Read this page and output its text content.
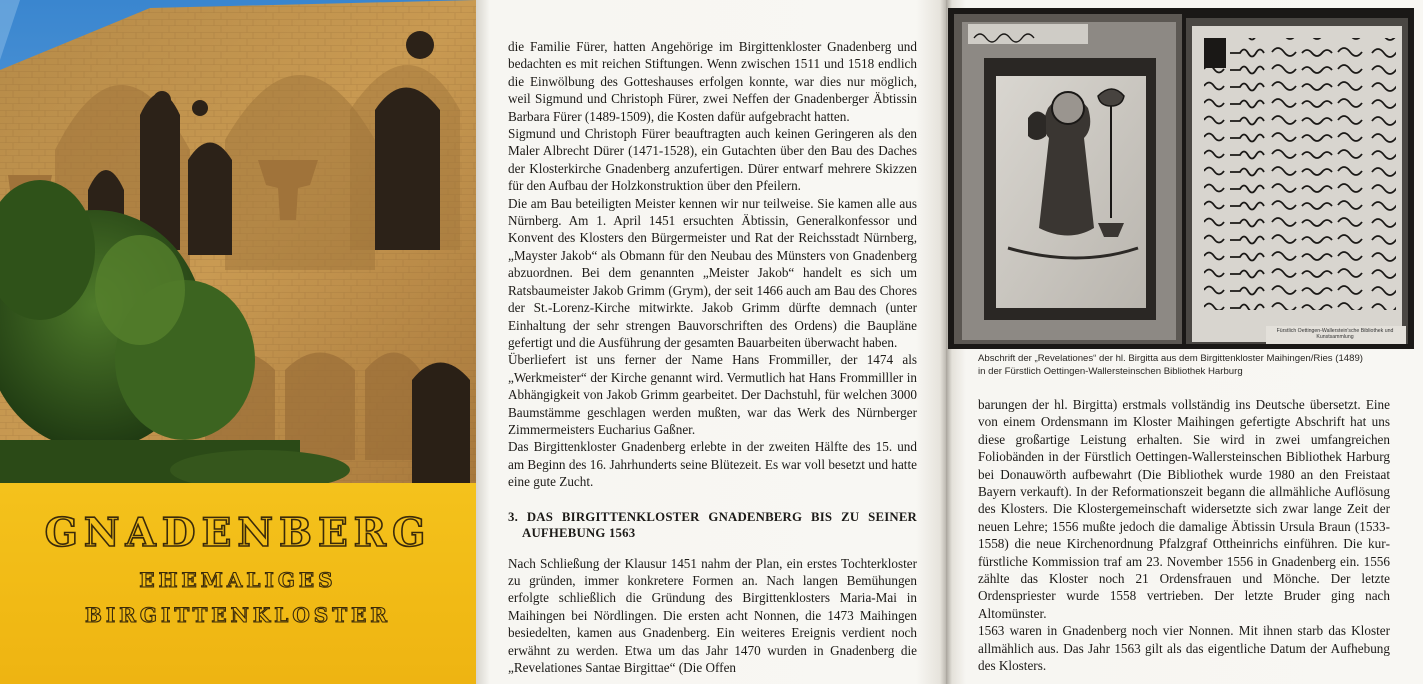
GNADENBERG
EHEMALIGES
BIRGITTENKLOSTER

die Familie Fürer, hatten Angehörige im Birgittenkloster Gnadenberg und bedachten es mit reichen Stiftungen. Wenn zwischen 1511 und 1518 endlich die Einwölbung des Gotteshauses erfolgen konnte, war dies nur möglich, weil Sigmund und Christoph Fürer, zwei Neffen der Gnadenberger Äbtissin Barbara Fürer (1489-1509), die Kosten dafür aufgebracht hatten.

Sigmund und Christoph Fürer beauftragten auch keinen Geringeren als den Maler Albrecht Dürer (1471-1528), ein Gutachten über den Bau des Daches der Klosterkirche Gnadenberg anzufertigen. Dürer entwarf mehrere Skizzen für den Aufbau der Holzkonstruktion über den Pfeilern.

Die am Bau beteiligten Meister kennen wir nur teilweise. Sie kamen alle aus Nürnberg. Am 1. April 1451 ersuchten Äbtissin, Generalkonfessor und Konvent des Klosters den Bürgermeister und Rat der Reichsstadt Nürnberg, „Mayster Jakob“ als Obmann für den Neubau des Münsters von Gnadenberg abzuordnen. Bei dem genannten „Meister Jakob“ handelt es sich um Ratsbaumeister Jakob Grimm (Grym), der seit 1466 auch am Bau des Chores der St.-Lorenz-Kirche mitwirkte. Jakob Grimm dürfte demnach (unter Einhaltung der sehr strengen Bauvorschriften des Ordens) die Baupläne gefertigt und die Ausführung der gesamten Bauarbeiten überwacht haben.

Überliefert ist uns ferner der Name Hans Frommiller, der 1474 als „Werkmeister“ der Kirche genannt wird. Vermutlich hat Hans Frommilller in Abhängigkeit von Jakob Grimm gearbeitet. Der Dachstuhl, für welchen 3000 Baumstämme geschlagen werden mußten, war das Werk des Nürnberger Zimmermeisters Eucharius Gaßner.

Das Birgittenkloster Gnadenberg erlebte in der zweiten Hälfte des 15. und am Beginn des 16. Jahrhunderts seine Blütezeit. Es war voll besetzt und hatte eine gute Zucht.

3. DAS BIRGITTENKLOSTER GNADENBERG BIS ZU SEINER AUFHEBUNG 1563

Nach Schließung der Klausur 1451 nahm der Plan, ein erstes Tochterkloster zu gründen, immer konkretere Formen an. Nach langen Bemühungen erfolgte schließlich die Gründung des Birgittenklosters Maria-Mai in Maihingen bei Nördlingen. Die ersten acht Nonnen, die 1473 Maihingen besiedelten, kamen aus Gnadenberg. Ein weiteres Ereignis verdient noch erwähnt zu werden. Etwa um das Jahr 1470 wurden in Gnadenberg die „Revelationes Santae Birgittae“ (Die Offen

Fürstlich Oettingen-Wallerstein'sche Bibliothek und Kunstsammlung
Abschrift der „Revelationes“ der hl. Birgitta aus dem Birgittenkloster Maihingen/Ries (1489)
in der Fürstlich Oettingen-Wallersteinschen Bibliothek Harburg

barungen der hl. Birgitta) erstmals vollständig ins Deutsche übersetzt. Eine von einem Ordensmann im Kloster Maihingen gefertigte Abschrift hat uns diese großartige Leistung erhalten. Sie wird in zwei umfangreichen Foliobänden in der Fürstlich Oettingen-Wallersteinschen Bibliothek Harburg bei Donauwörth aufbewahrt (Die Bibliothek wurde 1980 an den Freistaat Bayern verkauft). In der Reformationszeit begann die allmähliche Auflösung des Klosters. Die Klostergemeinschaft widersetzte sich zwar lange Zeit der neuen Lehre; 1556 mußte jedoch die damalige Äbtissin Ursula Braun (1533-1558) die neue Kirchenordnung Pfalzgraf Ottheinrichs einführen. Die kurfürstliche Kommission traf am 23. November 1556 in Gnadenberg ein. 1556 zählte das Kloster noch 21 Ordensfrauen und Mönche. Der letzte Ordenspriester wurde 1558 vertrieben. Der letzte Bruder ging nach Altomünster.

1563 waren in Gnadenberg noch vier Nonnen. Mit ihnen starb das Kloster allmählich aus. Das Jahr 1563 gilt als das eigentliche Datum der Aufhebung des Klosters.
